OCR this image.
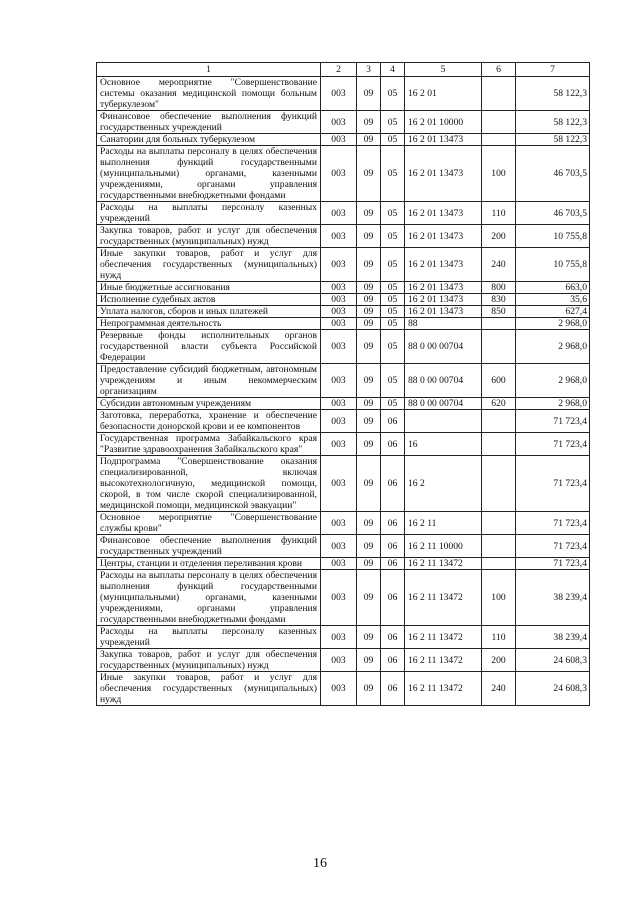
1	2	3	4	5	6	7
Основное мероприятие "Совершенствование системы оказания медицинской помощи больным туберкулезом"	003	09	05	16 2 01		58 122,3
Финансовое обеспечение выполнения функций государственных учреждений	003	09	05	16 2 01 10000		58 122,3
Санатории для больных туберкулезом	003	09	05	16 2 01 13473		58 122,3
Расходы на выплаты персоналу в целях обеспечения выполнения функций государственными (муниципальными) органами, казенными учреждениями, органами управления государственными внебюджетными фондами	003	09	05	16 2 01 13473	100	46 703,5
Расходы на выплаты персоналу казенных учреждений	003	09	05	16 2 01 13473	110	46 703,5
Закупка товаров, работ и услуг для обеспечения государственных (муниципальных) нужд	003	09	05	16 2 01 13473	200	10 755,8
Иные закупки товаров, работ и услуг для обеспечения государственных (муниципальных) нужд	003	09	05	16 2 01 13473	240	10 755,8
Иные бюджетные ассигнования	003	09	05	16 2 01 13473	800	663,0
Исполнение судебных актов	003	09	05	16 2 01 13473	830	35,6
Уплата налогов, сборов и иных платежей	003	09	05	16 2 01 13473	850	627,4
Непрограммная деятельность	003	09	05	88		2 968,0
Резервные фонды исполнительных органов государственной власти субъекта Российской Федерации	003	09	05	88 0 00 00704		2 968,0
Предоставление субсидий бюджетным, автономным учреждениям и иным некоммерческим организациям	003	09	05	88 0 00 00704	600	2 968,0
Субсидии автономным учреждениям	003	09	05	88 0 00 00704	620	2 968,0
Заготовка, переработка, хранение и обеспечение безопасности донорской крови и ее компонентов	003	09	06			71 723,4
Государственная программа Забайкальского края "Развитие здравоохранения Забайкальского края"	003	09	06	16		71 723,4
Подпрограмма "Совершенствование оказания специализированной, включая высокотехнологичную, медицинской помощи, скорой, в том числе скорой специализированной, медицинской помощи, медицинской эвакуации"	003	09	06	16 2		71 723,4
Основное мероприятие "Совершенствование службы крови"	003	09	06	16 2 11		71 723,4
Финансовое обеспечение выполнения функций государственных учреждений	003	09	06	16 2 11 10000		71 723,4
Центры, станции и отделения переливания крови	003	09	06	16 2 11 13472		71 723,4
Расходы на выплаты персоналу в целях обеспечения выполнения функций государственными (муниципальными) органами, казенными учреждениями, органами управления государственными внебюджетными фондами	003	09	06	16 2 11 13472	100	38 239,4
Расходы на выплаты персоналу казенных учреждений	003	09	06	16 2 11 13472	110	38 239,4
Закупка товаров, работ и услуг для обеспечения государственных (муниципальных) нужд	003	09	06	16 2 11 13472	200	24 608,3
Иные закупки товаров, работ и услуг для обеспечения государственных (муниципальных) нужд	003	09	06	16 2 11 13472	240	24 608,3
16
